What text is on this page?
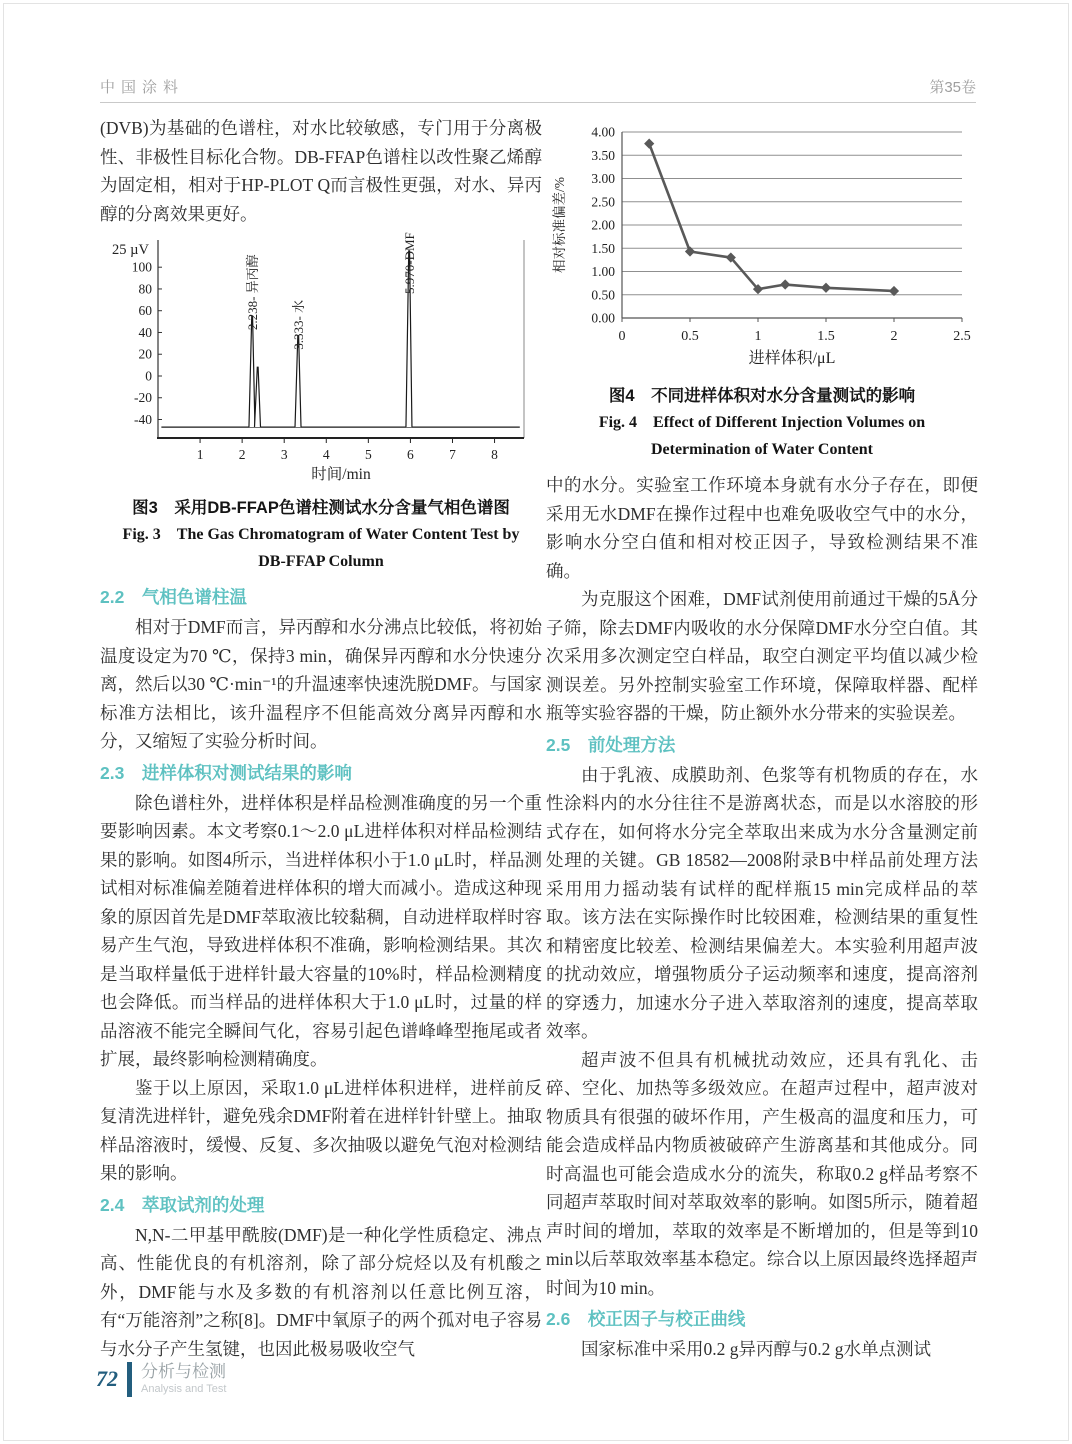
中国涂料	第35卷

(DVB)为基础的色谱柱，对水比较敏感，专门用于分离极性、非极性目标化合物。DB-FFAP色谱柱以改性聚乙烯醇为固定相，相对于HP-PLOT Q而言极性更强，对水、异丙醇的分离效果更好。

100
80
60
40
20
0
-20
-40
25 µV
1	2	3	4	5	6	7	8
时间/min
2.238- 异丙醇 3.333- 水
5.970-DMF
图3　采用DB-FFAP色谱柱测试水分含量气相色谱图
Fig. 3　The Gas Chromatogram of Water Content Test by
DB-FFAP Column
2.2　气相色谱柱温

相对于DMF而言，异丙醇和水分沸点比较低，将初始温度设定为70 ℃，保持3 min，确保异丙醇和水分快速分离，然后以30 ℃·min⁻¹的升温速率快速洗脱DMF。与国家标准方法相比，该升温程序不但能高效分离异丙醇和水分，又缩短了实验分析时间。

2.3　进样体积对测试结果的影响

除色谱柱外，进样体积是样品检测准确度的另一个重要影响因素。本文考察0.1～2.0 μL进样体积对样品检测结果的影响。如图4所示，当进样体积小于1.0 μL时，样品测试相对标准偏差随着进样体积的增大而减小。造成这种现象的原因首先是DMF萃取液比较黏稠，自动进样取样时容易产生气泡，导致进样体积不准确，影响检测结果。其次是当取样量低于进样针最大容量的10%时，样品检测精度也会降低。而当样品的进样体积大于1.0 μL时，过量的样品溶液不能完全瞬间气化，容易引起色谱峰峰型拖尾或者扩展，最终影响检测精确度。

鉴于以上原因，采取1.0 μL进样体积进样，进样前反复清洗进样针，避免残余DMF附着在进样针针壁上。抽取样品溶液时，缓慢、反复、多次抽吸以避免气泡对检测结果的影响。

2.4　萃取试剂的处理

N,N-二甲基甲酰胺(DMF)是一种化学性质稳定、沸点高、性能优良的有机溶剂，除了部分烷烃以及有机酸之外，DMF能与水及多数的有机溶剂以任意比例互溶，有“万能溶剂”之称[8]。DMF中氧原子的两个孤对电子容易与水分子产生氢键，也因此极易吸收空气

0.00
0.50
1.00
1.50
2.00
2.50
3.00
3.50
4.00
0	0.5	1	1.5	2	2.5
进样体积/μL
相对标准偏差/%
图4　不同进样体积对水分含量测试的影响
Fig. 4　Effect of Different Injection Volumes on
Determination of Water Content

中的水分。实验室工作环境本身就有水分子存在，即便采用无水DMF在操作过程中也难免吸收空气中的水分，影响水分空白值和相对校正因子，导致检测结果不准确。

为克服这个困难，DMF试剂使用前通过干燥的5Å分子筛，除去DMF内吸收的水分保障DMF水分空白值。其次采用多次测定空白样品，取空白测定平均值以减少检测误差。另外控制实验室工作环境，保障取样器、配样瓶等实验容器的干燥，防止额外水分带来的实验误差。

2.5　前处理方法

由于乳液、成膜助剂、色浆等有机物质的存在，水性涂料内的水分往往不是游离状态，而是以水溶胶的形式存在，如何将水分完全萃取出来成为水分含量测定前处理的关键。GB 18582—2008附录B中样品前处理方法采用用力摇动装有试样的配样瓶15 min完成样品的萃取。该方法在实际操作时比较困难，检测结果的重复性和精密度比较差、检测结果偏差大。本实验利用超声波的扰动效应，增强物质分子运动频率和速度，提高溶剂的穿透力，加速水分子进入萃取溶剂的速度，提高萃取效率。

超声波不但具有机械扰动效应，还具有乳化、击碎、空化、加热等多级效应。在超声过程中，超声波对物质具有很强的破坏作用，产生极高的温度和压力，可能会造成样品内物质被破碎产生游离基和其他成分。同时高温也可能会造成水分的流失，称取0.2 g样品考察不同超声萃取时间对萃取效率的影响。如图5所示，随着超声时间的增加，萃取的效率是不断增加的，但是等到10 min以后萃取效率基本稳定。综合以上原因最终选择超声时间为10 min。

2.6　校正因子与校正曲线

国家标准中采用0.2 g异丙醇与0.2 g水单点测试

72 分析与检测
Analysis and Test
